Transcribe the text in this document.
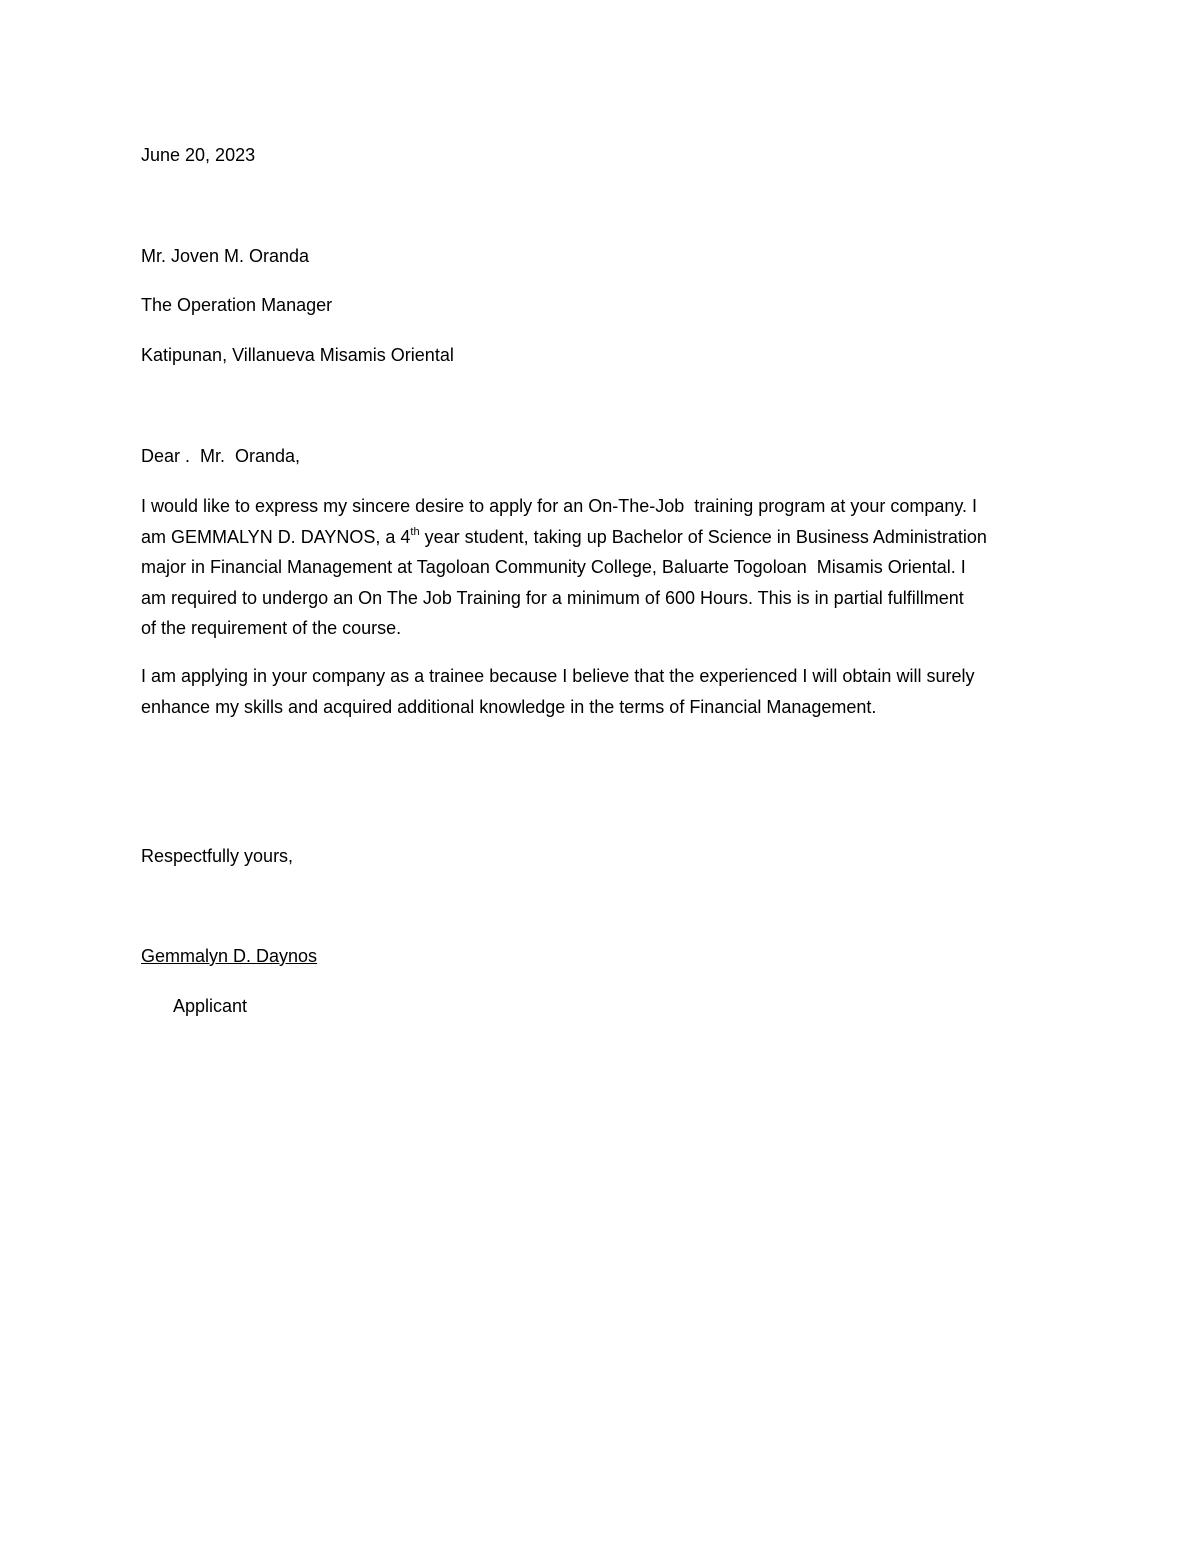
June 20, 2023
Mr. Joven M. Oranda
The Operation Manager
Katipunan, Villanueva Misamis Oriental
Dear .  Mr.  Oranda,
I would like to express my sincere desire to apply for an On-The-Job  training program at your company. I
am GEMMALYN D. DAYNOS, a 4th year student, taking up Bachelor of Science in Business Administration
major in Financial Management at Tagoloan Community College, Baluarte Togoloan  Misamis Oriental. I
am required to undergo an On The Job Training for a minimum of 600 Hours. This is in partial fulfillment
of the requirement of the course.
I am applying in your company as a trainee because I believe that the experienced I will obtain will surely
enhance my skills and acquired additional knowledge in the terms of Financial Management.
Respectfully yours,
Gemmalyn D. Daynos
Applicant
